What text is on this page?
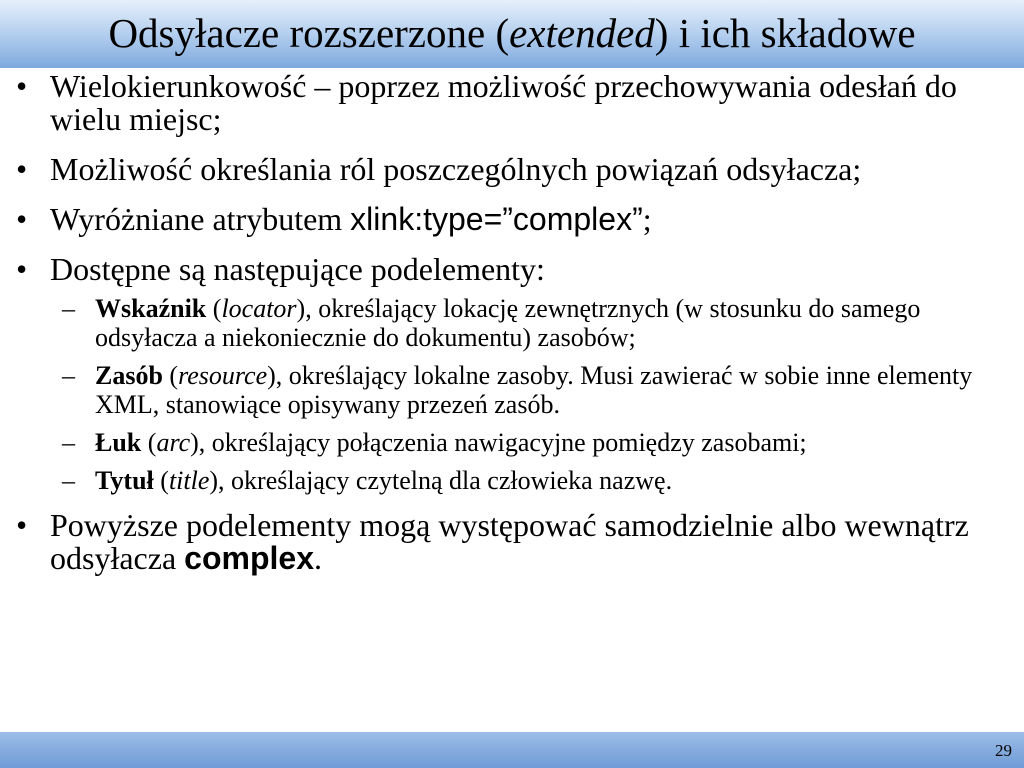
Odsyłacze rozszerzone (extended) i ich składowe
• Wielokierunkowość – poprzez możliwość przechowywania odesłań do wielu miejsc;
• Możliwość określania ról poszczególnych powiązań odsyłacza;
• Wyróżniane atrybutem xlink:type=”complex”;
• Dostępne są następujące podelementy:
– Wskaźnik (locator), określający lokację zewnętrznych (w stosunku do samego odsyłacza a niekoniecznie do dokumentu) zasobów;
– Zasób (resource), określający lokalne zasoby. Musi zawierać w sobie inne elementy XML, stanowiące opisywany przezeń zasób.
– Łuk (arc), określający połączenia nawigacyjne pomiędzy zasobami;
– Tytuł (title), określający czytelną dla człowieka nazwę.
• Powyższe podelementy mogą występować samodzielnie albo wewnątrz odsyłacza complex.
29
